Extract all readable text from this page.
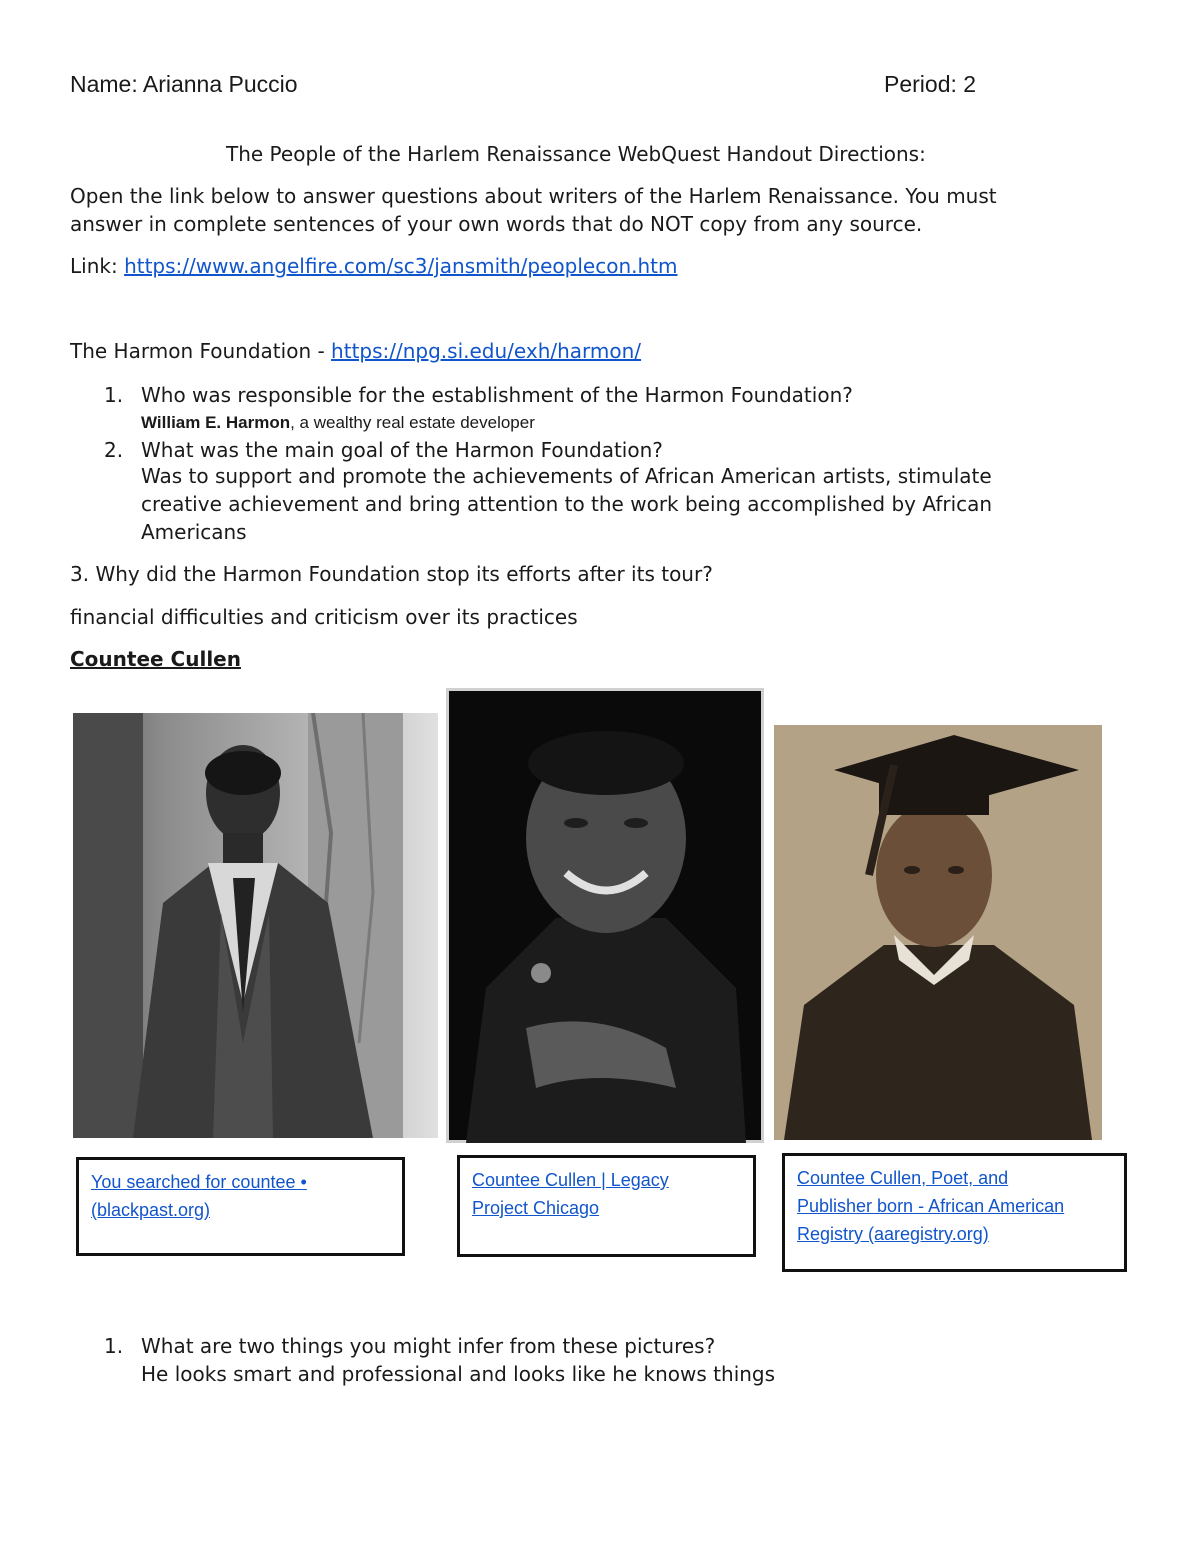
Name: Arianna Puccio	Period: 2
The People of the Harlem Renaissance WebQuest Handout Directions:
Open the link below to answer questions about writers of the Harlem Renaissance. You must
answer in complete sentences of your own words that do NOT copy from any source.
Link: https://www.angelfire.com/sc3/jansmith/peoplecon.htm
The Harmon Foundation - https://npg.si.edu/exh/harmon/
1. Who was responsible for the establishment of the Harmon Foundation?
William E. Harmon, a wealthy real estate developer
2. What was the main goal of the Harmon Foundation?
Was to support and promote the achievements of African American artists, stimulate
creative achievement and bring attention to the work being accomplished by African
Americans
3. Why did the Harmon Foundation stop its efforts after its tour?
financial difficulties and criticism over its practices
Countee Cullen
You searched for countee •
(blackpast.org)
Countee Cullen | Legacy
Project Chicago
Countee Cullen, Poet, and
Publisher born - African American
Registry (aaregistry.org)
1. What are two things you might infer from these pictures?
He looks smart and professional and looks like he knows things
